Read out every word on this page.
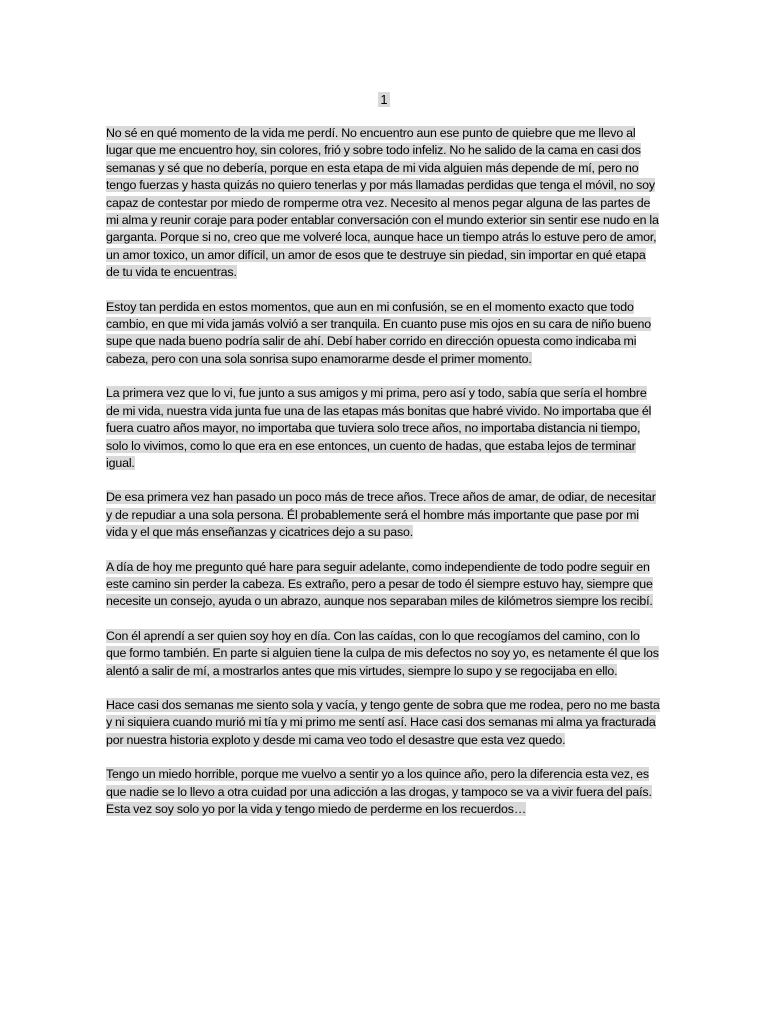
1

No sé en qué momento de la vida me perdí. No encuentro aun ese punto de quiebre que me llevo al lugar que me encuentro hoy, sin colores, frió y sobre todo infeliz. No he salido de la cama en casi dos semanas y sé que no debería, porque en esta etapa de mi vida alguien más depende de mí, pero no tengo fuerzas y hasta quizás no quiero tenerlas y por más llamadas perdidas que tenga el móvil, no soy capaz de contestar por miedo de romperme otra vez. Necesito al menos pegar alguna de las partes de mi alma y reunir coraje para poder entablar conversación con el mundo exterior sin sentir ese nudo en la garganta. Porque si no, creo que me volveré loca, aunque hace un tiempo atrás lo estuve pero de amor, un amor toxico, un amor difícil, un amor de esos que te destruye sin piedad, sin importar en qué etapa de tu vida te encuentras.

Estoy tan perdida en estos momentos, que aun en mi confusión, se en el momento exacto que todo cambio, en que mi vida jamás volvió a ser tranquila. En cuanto puse mis ojos en su cara de niño bueno supe que nada bueno podría salir de ahí. Debí haber corrido en dirección opuesta como indicaba mi cabeza, pero con una sola sonrisa supo enamorarme desde el primer momento.

La primera vez que lo vi, fue junto a sus amigos y mi prima, pero así y todo, sabía que sería el hombre de mi vida, nuestra vida junta fue una de las etapas más bonitas que habré vivido. No importaba que él fuera cuatro años mayor, no importaba que tuviera solo trece años, no importaba distancia ni tiempo, solo lo vivimos, como lo que era en ese entonces, un cuento de hadas, que estaba lejos de terminar igual.

De esa primera vez han pasado un poco más de trece años. Trece años de amar, de odiar, de necesitar y de repudiar a una sola persona. Él probablemente será el hombre más importante que pase por mi vida y el que más enseñanzas y cicatrices dejo a su paso.

A día de hoy me pregunto qué hare para seguir adelante, como independiente de todo podre seguir en este camino sin perder la cabeza. Es extraño, pero a pesar de todo él siempre estuvo hay, siempre que necesite un consejo, ayuda o un abrazo, aunque nos separaban miles de kilómetros siempre los recibí.

Con él aprendí a ser quien soy hoy en día. Con las caídas, con lo que recogíamos del camino, con lo que formo también. En parte si alguien tiene la culpa de mis defectos no soy yo, es netamente él que los alentó a salir de mí, a mostrarlos antes que mis virtudes, siempre lo supo y se regocijaba en ello.

Hace casi dos semanas me siento sola y vacía, y tengo gente de sobra que me rodea, pero no me basta y ni siquiera cuando murió mi tía y mi primo me sentí así. Hace casi dos semanas mi alma ya fracturada por nuestra historia exploto y desde mi cama veo todo el desastre que esta vez quedo.

Tengo un miedo horrible, porque me vuelvo a sentir yo a los quince año, pero la diferencia esta vez, es que nadie se lo llevo a otra cuidad por una adicción a las drogas, y tampoco se va a vivir fuera del país. Esta vez soy solo yo por la vida y tengo miedo de perderme en los recuerdos…
